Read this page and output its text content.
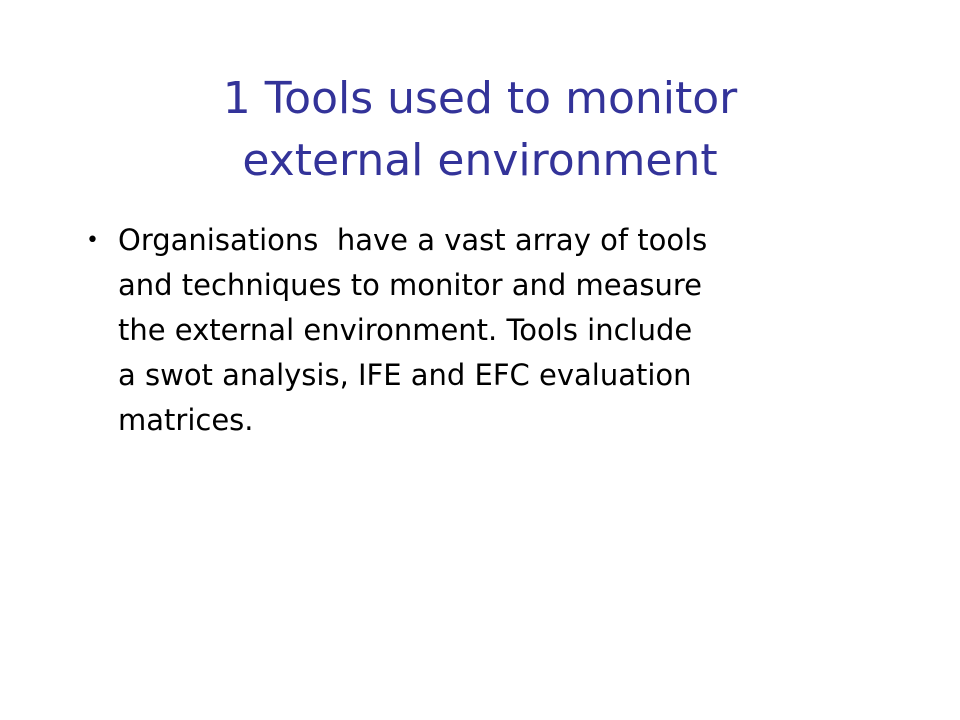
1 Tools used to monitor
external environment
• Organisations  have a vast array of tools
and techniques to monitor and measure
the external environment. Tools include
a swot analysis, IFE and EFC evaluation
matrices.
